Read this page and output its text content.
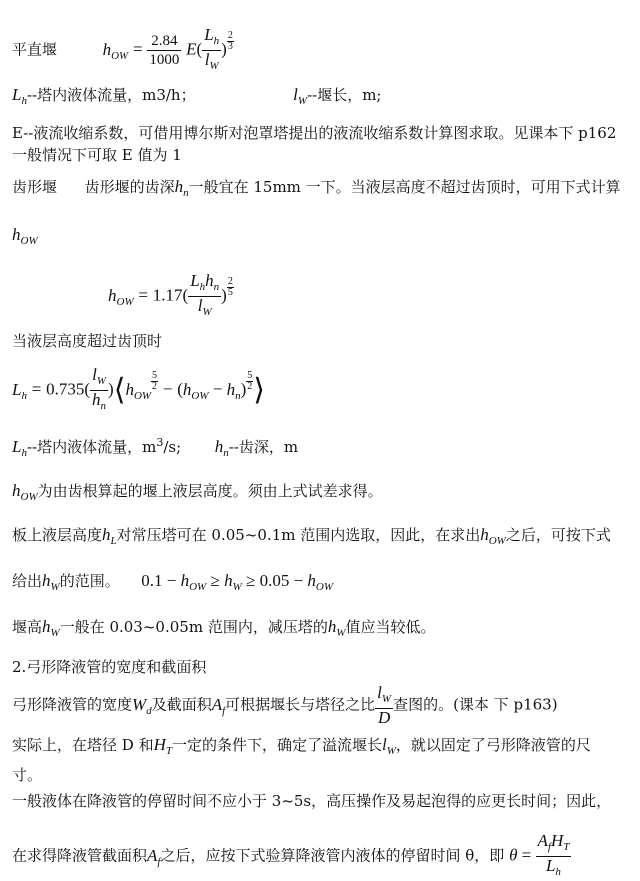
平直堰	$h_{OW} = \frac{2.84}{1000} E( \frac{L_h}{l_W}$ ) $\frac{2}{3}$
$L_h--$塔内液体流量，m3/h；	$l_W--$堰长，m;
E--液流收缩系数，可借用博尔斯对泡罩塔提出的液流收缩系数计算图求取。见课本下 p162
一般情况下可取 E 值为 1
齿形堰 齿形堰的齿深$h_n$一般宜在 15mm 一下。当液层高度不超过齿顶时，可用下式计算
$h_{OW}$
$h_{OW} = 1.17( \frac{L_hh_n}{l_W}$ ) $\frac{2}{5}$
当液层高度超过齿顶时
$L_h = 0.735( \frac{l_W}{h_n}$ )$⟨h_{OW}$
$\frac{5}{2} - (h_{OW} - h_n) \frac{5}{2}$ ⟩
$L_h--$塔内液体流量，$m^3/s$; $h_n--$齿深，m
$h_{OW}$为由齿根算起的堰上液层高度。须由上式试差求得。
板上液层高度$h_L$对常压塔可在 0.05~0.1m 范围内选取，因此，在求出$h_{OW}$之后，可按下式
给出$h_W$的范围。 $0.1 - h_{OW} \ge h_W \ge 0.05 - h_{OW}$
堰高$h_W$一般在 0.03~0.05m 范围内，减压塔的$h_W$值应当较低。
2.弓形降液管的宽度和截面积
弓形降液管的宽度$W_d$及截面积$A_f$可根据堰长与塔径之比 $\frac{l_W}{D}$ 查图的。(课本 下 p163)
实际上，在塔径 D 和$H_T$一定的条件下，确定了溢流堰长$l_W$，就以固定了弓形降液管的尺
寸。
一般液体在降液管的停留时间不应小于 3~5s，高压操作及易起泡得的应更长时间；因此，
在求得降液管截面积$A_f$之后，应按下式验算降液管内液体的停留时间 θ，即 $\theta = \frac{A_fH_T}{L_h}$
